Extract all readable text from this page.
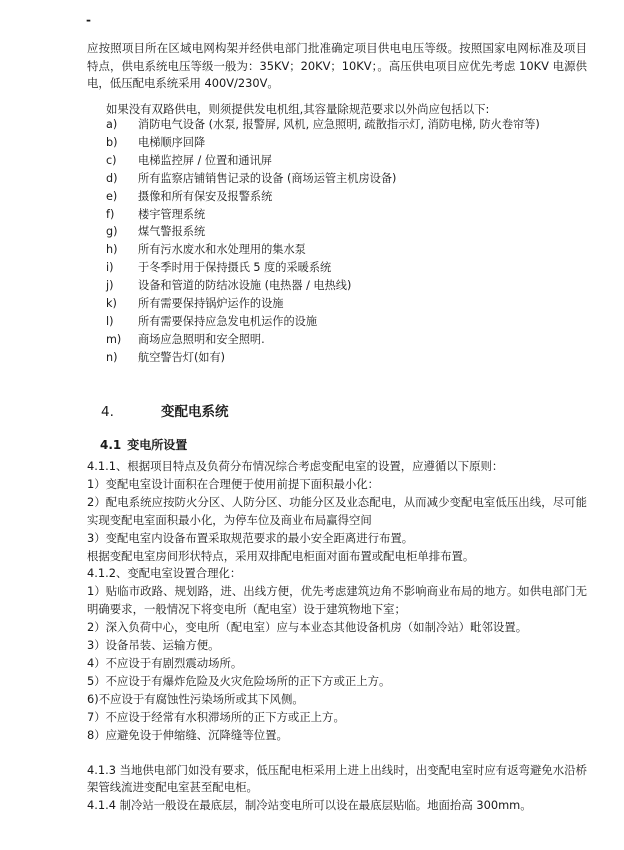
-

应按照项目所在区域电网构架并经供电部门批准确定项目供电电压等级。按照国家电网标准及项目特点，供电系统电压等级一般为：35KV；20KV；10KV；。高压供电项目应优先考虑 10KV 电源供电，低压配电系统采用 400V/230V。

如果没有双路供电，则须提供发电机组,其容量除规范要求以外尚应包括以下:

a) 消防电气设备 (水泵, 报警屏, 风机, 应急照明, 疏散指示灯, 消防电梯, 防火卷帘等)
b) 电梯顺序回降
c) 电梯监控屏 / 位置和通讯屏
d) 所有监察店铺销售记录的设备 (商场运管主机房设备)
e) 摄像和所有保安及报警系统
f) 楼宇管理系统
g) 煤气警报系统
h) 所有污水废水和水处理用的集水泵
i) 于冬季时用于保持摄氏 5 度的采暖系统
j) 设备和管道的防结冰设施 (电热器 / 电热线)
k) 所有需要保持锅炉运作的设施
l) 所有需要保持应急发电机运作的设施
m) 商场应急照明和安全照明.
n) 航空警告灯(如有)
4.	变配电系统
4.1 变电所设置

4.1.1、根据项目特点及负荷分布情况综合考虑变配电室的设置，应遵循以下原则：

1）变配电室设计面积在合理便于使用前提下面积最小化：

2）配电系统应按防火分区、人防分区、功能分区及业态配电，从而减少变配电室低压出线，尽可能实现变配电室面积最小化，为停车位及商业布局赢得空间

3）变配电室内设备布置采取规范要求的最小安全距离进行布置。

根据变配电室房间形状特点，采用双排配电柜面对面布置或配电柜单排布置。

4.1.2、变配电室设置合理化：

1）贴临市政路、规划路，进、出线方便，优先考虑建筑边角不影响商业布局的地方。如供电部门无明确要求，一般情况下将变电所（配电室）设于建筑物地下室；

2）深入负荷中心，变电所（配电室）应与本业态其他设备机房（如制冷站）毗邻设置。

3）设备吊装、运输方便。

4）不应设于有剧烈震动场所。

5）不应设于有爆炸危险及火灾危险场所的正下方或正上方。

6)不应设于有腐蚀性污染场所或其下风侧。

7）不应设于经常有水积滞场所的正下方或正上方。

8）应避免设于伸缩缝、沉降缝等位置。

4.1.3 当地供电部门如没有要求，低压配电柜采用上进上出线时，出变配电室时应有返弯避免水沿桥架管线流进变配电室甚至配电柜。

4.1.4 制冷站一般设在最底层，制冷站变电所可以设在最底层贴临。地面抬高 300mm。
